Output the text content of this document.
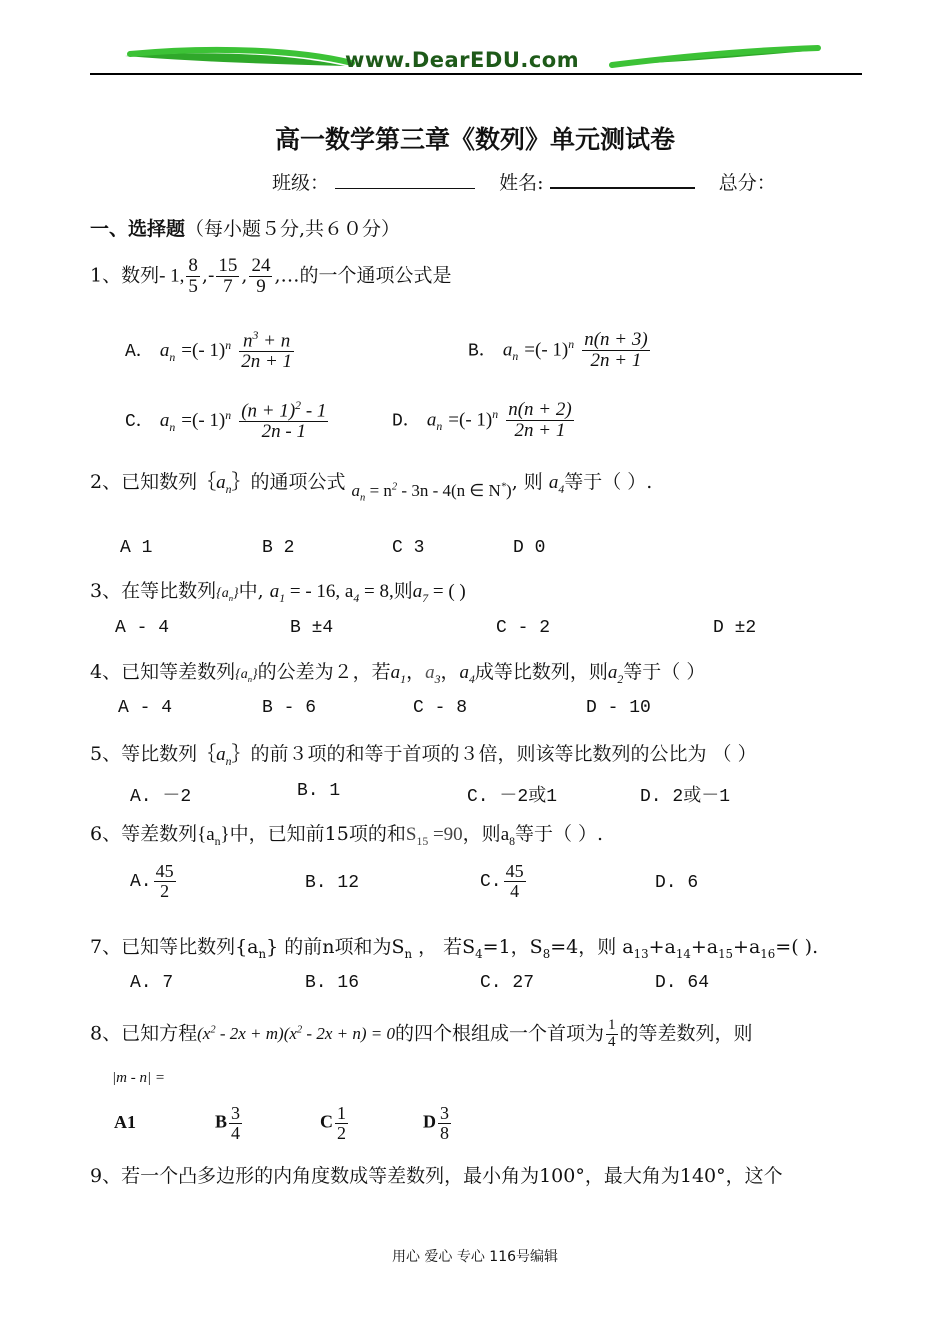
www.DearEDU.com
高一数学第三章《数列》单元测试卷
班级：	姓名:	总分：
一、选择题（每小题５分,共６０分）
1、数列- 1, $\frac{8}{5}$ ,- $\frac{15}{7}$ , $\frac{24}{9}$ ,…的一个通项公式是
A． $a_n$ =(- $1)^n \frac{n^3 + n}{2n + 1}$	B． $a_n$ =(- $1)^n \frac{n(n + 3)}{2n + 1}$
C． $a_n$ =(- $1)^n \frac{(n + 1)^2 - 1}{2n - 1}$	D． $a_n$ =(- $1)^n \frac{n(n + 2)}{2n + 1}$
2、已知数列$\{a_n\}$的通项公式 $a_n = n^2 - 3n - 4(n$ ∈ N*), 则 $a_4$等于（ ）.
A 1	B 2	C 3	D 0
3、在等比数列$\{a_n\}$中, $a_1$ = - 16, $a_4 = 8$,则$a_7$ = ( )
A - 4	B ±4	C - 2	D ±2
4、已知等差数列$\{a_n\}$的公差为２，若$a_1$，$a_3$，$a_4$成等比数列，则$a_2$等于（ ）
A - 4	B - 6	C - 8	D - 10
5、等比数列$\{a_n\}$的前３项的和等于首项的３倍，则该等比数列的公比为 （ ）
A. －2	B. 1	C. －2或1	D. 2或－1
6、等差数列$\{a_n\}$中，已知前15项的和$S_{15} =90$，则$a_8$等于（ ）.
A. $\frac{45}{2}$	B. 12	C. $\frac{45}{4}$	D. 6
7、已知等比数列$\{a_n\}$ 的前n项和为$S_n$ ， 若$S_4=1$，$S_8=4$，则 $a_{13}+a_{14}+a_{15}+a_{16}=$( ).
A. 7	B. 16	C. 27	D. 64
8、已知方程$(x^2 - 2x + m)(x^2 - 2x + n) = 0$的四个根组成一个首项为 $\frac{1}{4}$ 的等差数列，则
|m - n| =
A1	B $\frac{3}{4}$	C $\frac{1}{2}$	D $\frac{3}{8}$
9、若一个凸多边形的内角度数成等差数列，最小角为100°，最大角为140°，这个
用心 爱心 专心 116号编辑
